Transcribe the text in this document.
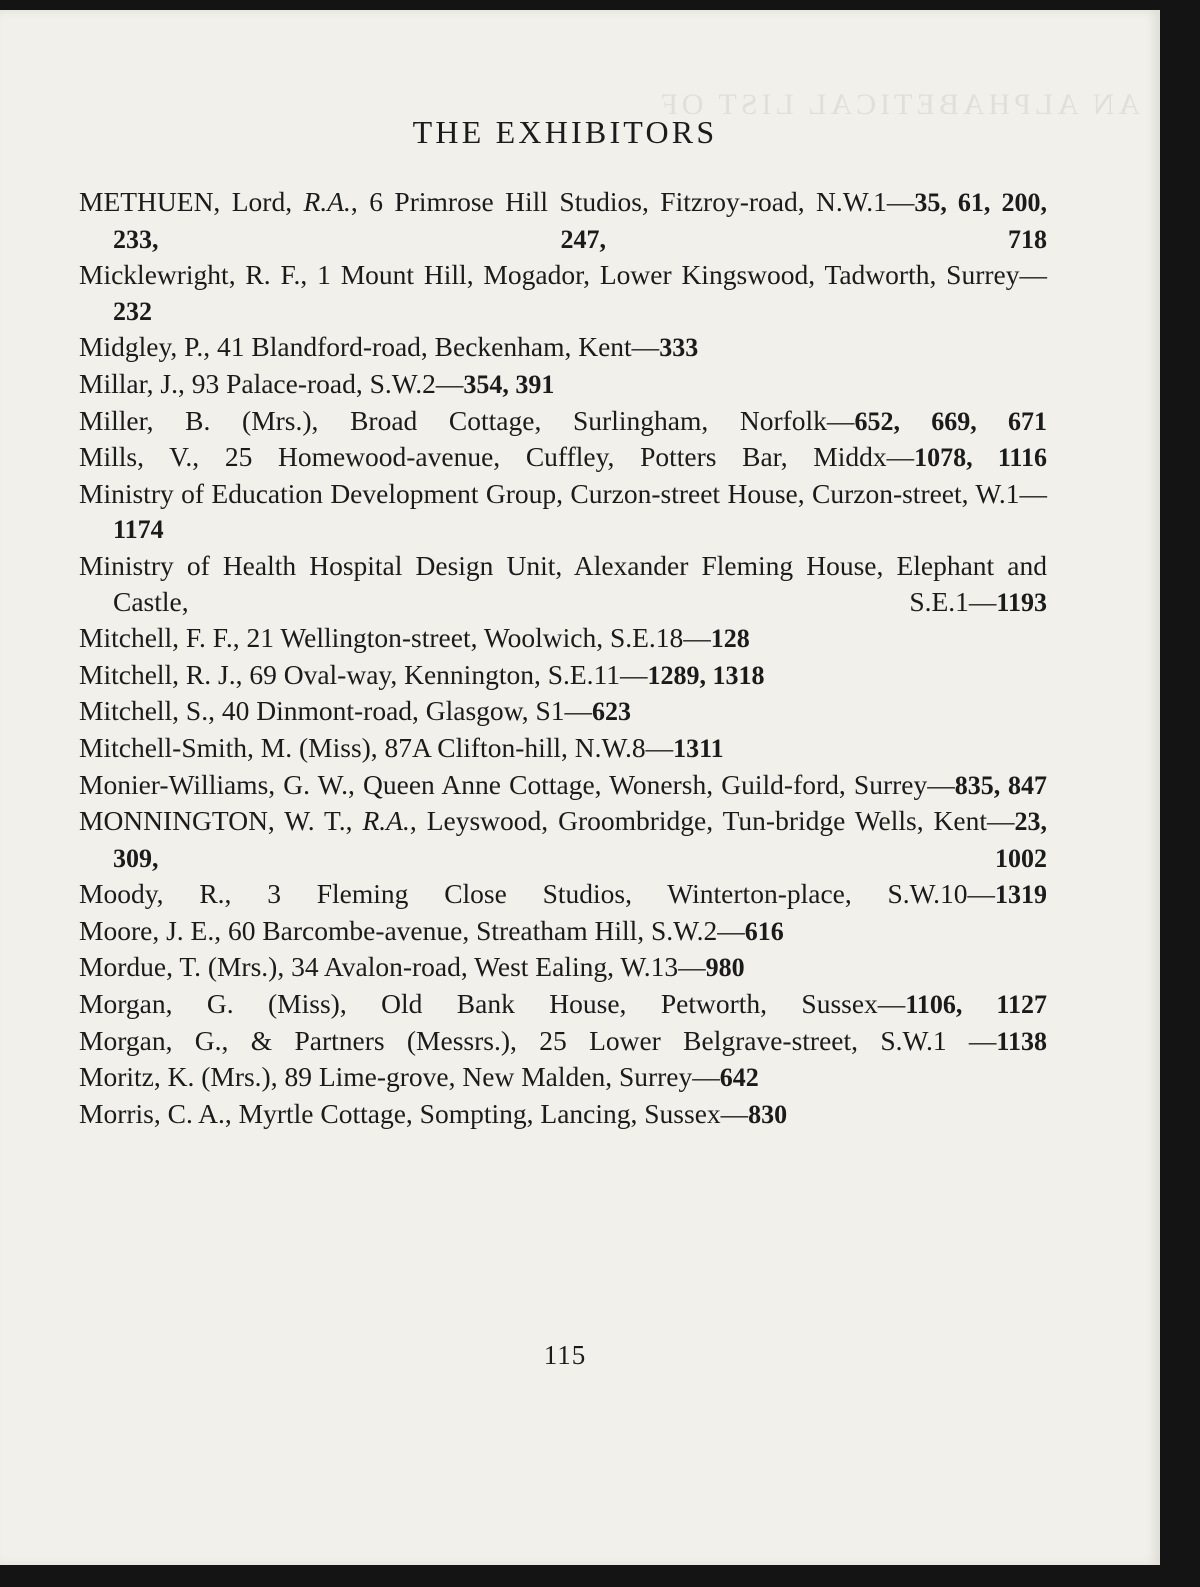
AN ALPHABETICAL LIST OF
THE EXHIBITORS
METHUEN, Lord, R.A., 6 Primrose Hill Studios, Fitzroy-road, N.W.1—35, 61, 200, 233, 247, 718
Micklewright, R. F., 1 Mount Hill, Mogador, Lower Kingswood, Tadworth, Surrey—232
Midgley, P., 41 Blandford-road, Beckenham, Kent—333
Millar, J., 93 Palace-road, S.W.2—354, 391
Miller, B. (Mrs.), Broad Cottage, Surlingham, Norfolk—652, 669, 671
Mills, V., 25 Homewood-avenue, Cuffley, Potters Bar, Middx—1078, 1116
Ministry of Education Development Group, Curzon-street House, Curzon-street, W.1—1174
Ministry of Health Hospital Design Unit, Alexander Fleming House, Elephant and Castle, S.E.1—1193
Mitchell, F. F., 21 Wellington-street, Woolwich, S.E.18—128
Mitchell, R. J., 69 Oval-way, Kennington, S.E.11—1289, 1318
Mitchell, S., 40 Dinmont-road, Glasgow, S1—623
Mitchell-Smith, M. (Miss), 87A Clifton-hill, N.W.8—1311
Monier-Williams, G. W., Queen Anne Cottage, Wonersh, Guild-ford, Surrey—835, 847
MONNINGTON, W. T., R.A., Leyswood, Groombridge, Tun-bridge Wells, Kent—23, 309, 1002
Moody, R., 3 Fleming Close Studios, Winterton-place, S.W.10—1319
Moore, J. E., 60 Barcombe-avenue, Streatham Hill, S.W.2—616
Mordue, T. (Mrs.), 34 Avalon-road, West Ealing, W.13—980
Morgan, G. (Miss), Old Bank House, Petworth, Sussex—1106, 1127
Morgan, G., & Partners (Messrs.), 25 Lower Belgrave-street, S.W.1 —1138
Moritz, K. (Mrs.), 89 Lime-grove, New Malden, Surrey—642
Morris, C. A., Myrtle Cottage, Sompting, Lancing, Sussex—830
115
